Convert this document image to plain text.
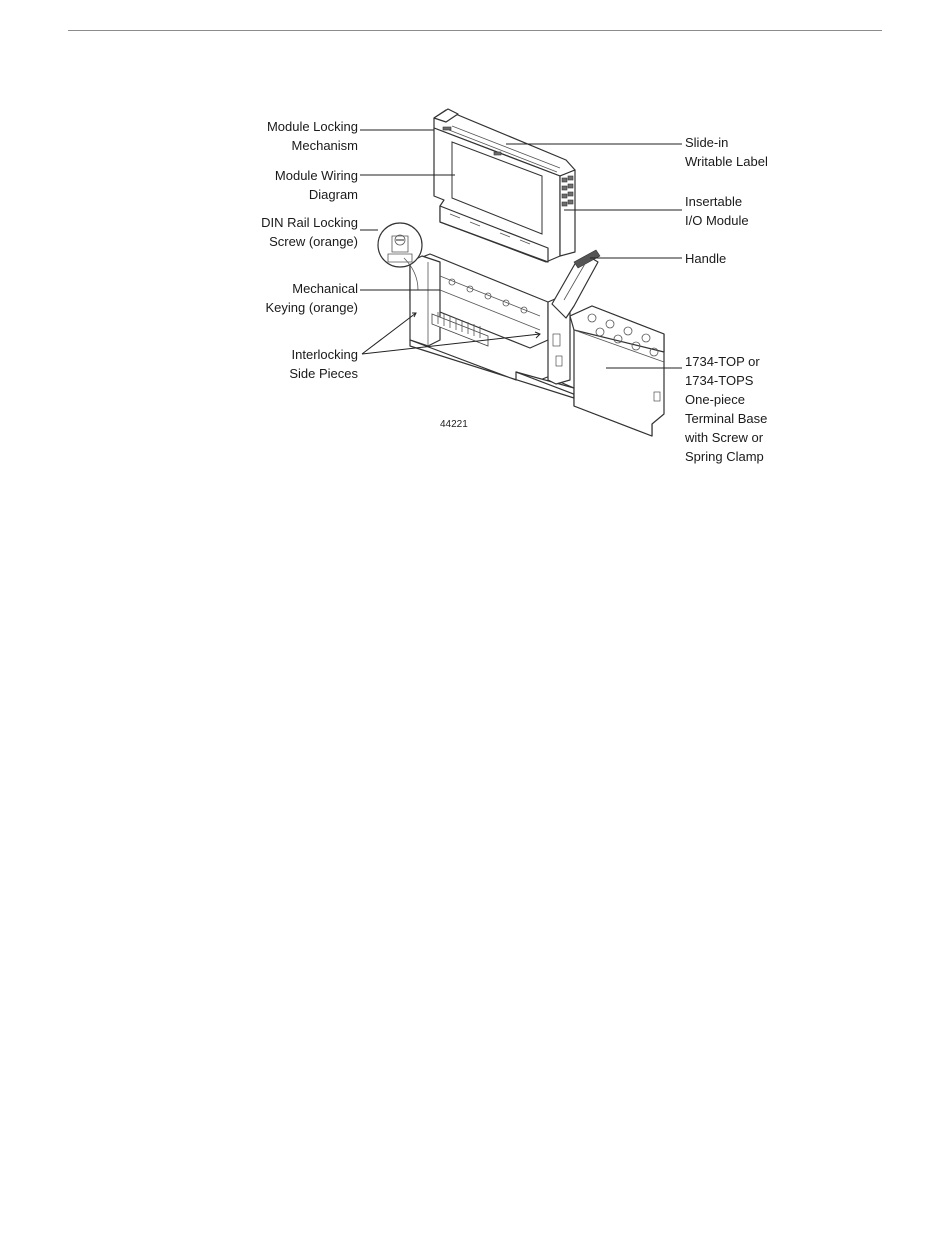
Module Locking
Mechanism
Module Wiring
Diagram
DIN Rail Locking
Screw (orange)
Mechanical
Keying (orange)
Interlocking
Side Pieces
Slide-in
Writable Label
Insertable
I/O Module
Handle
1734-TOP or
1734-TOPS
One-piece
Terminal Base
with Screw or
Spring Clamp
44221
